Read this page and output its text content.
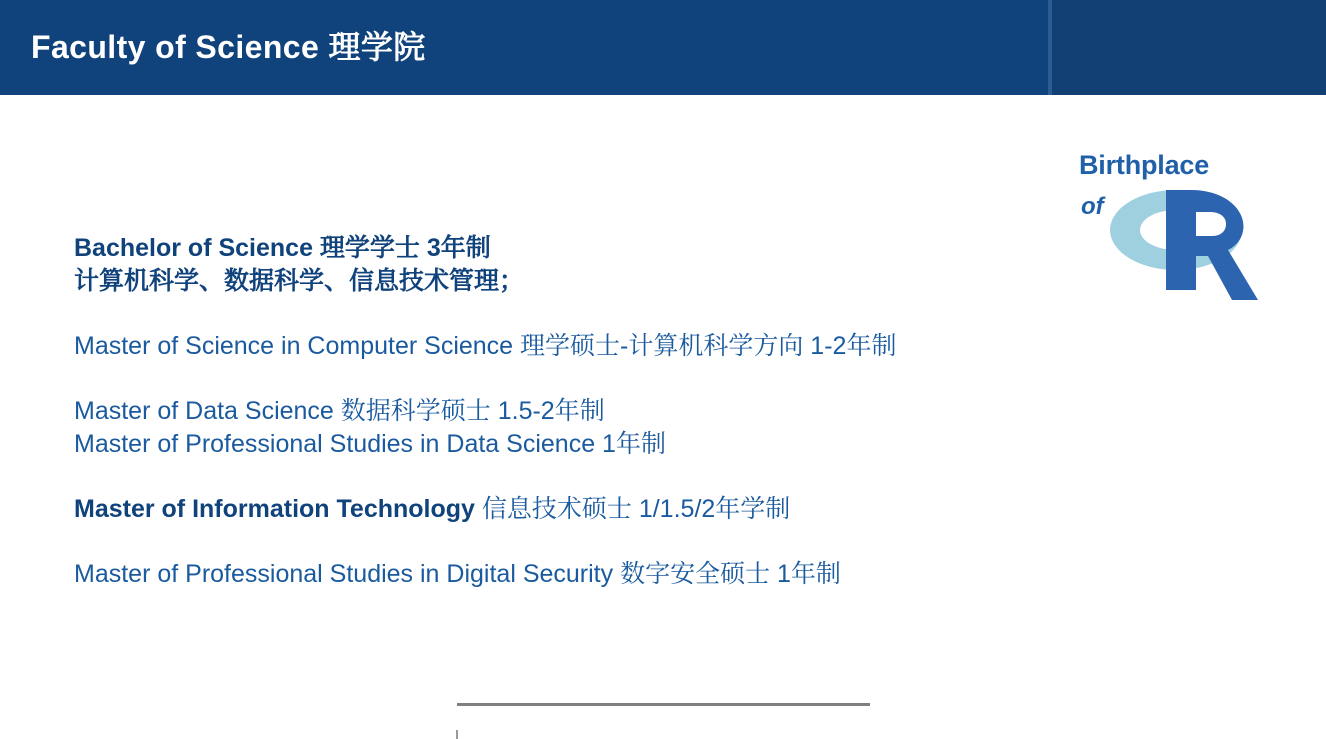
Faculty of Science 理学院
Birthplace
of
Bachelor of Science 理学学士 3年制
计算机科学、数据科学、信息技术管理；
Master of Science in Computer Science 理学硕士-计算机科学方向 1-2年制
Master of Data Science 数据科学硕士 1.5-2年制
Master of Professional Studies in Data Science 1年制
Master of Information Technology 信息技术硕士 1/1.5/2年学制
Master of Professional Studies in Digital Security 数字安全硕士 1年制
